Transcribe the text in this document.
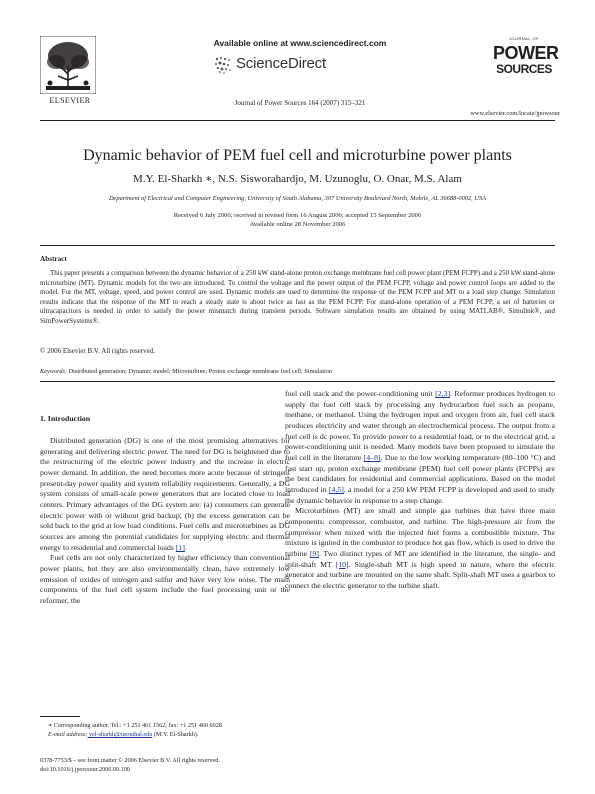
ELSEVIER
Available online at www.sciencedirect.com
ScienceDirect
Journal of Power Sources 164 (2007) 315–321
JOURNAL OF
POWER
SOURCES
www.elsevier.com/locate/jpowsour
Dynamic behavior of PEM fuel cell and microturbine power plants
M.Y. El-Sharkh ∗, N.S. Sisworahardjo, M. Uzunoglu, O. Onar, M.S. Alam
Department of Electrical and Computer Engineering, University of South Alabama, 307 University Boulevard North, Mobile, AL 36688-0002, USA
Received 6 July 2006; received in revised form 16 August 2006; accepted 15 September 2006
Available online 28 November 2006
Abstract
This paper presents a comparison between the dynamic behavior of a 250 kW stand-alone proton exchange membrane fuel cell power plant (PEM FCPP) and a 250 kW stand-alone microturbine (MT). Dynamic models for the two are introduced. To control the voltage and the power output of the PEM FCPP, voltage and power control loops are added to the model. For the MT, voltage, speed, and power control are used. Dynamic models are used to determine the response of the PEM FCPP and MT to a load step change. Simulation results indicate that the response of the MT to reach a steady state is about twice as fast as the PEM FCPP. For stand-alone operation of a PEM FCPP, a set of batteries or ultracapacitors is needed in order to satisfy the power mismatch during transient periods. Software simulation results are obtained by using MATLAB®, Simulink®, and SimPowerSystems®.
© 2006 Elsevier B.V. All rights reserved.
Keywords: Distributed generation; Dynamic model; Microturbine; Proton exchange membrane fuel cell; Simulation
1. Introduction

Distributed generation (DG) is one of the most promising alternatives for generating and delivering electric power. The need for DG is heightened due to the restructuring of the electric power industry and the increase in electric power demand. In addition, the need becomes more acute because of stringent present-day power quality and system reliability requirements. Generally, a DG system consists of small-scale power generators that are located close to load centers. Primary advantages of the DG system are: (a) consumers can generate electric power with or without grid backup; (b) the excess generation can be sold back to the grid at low load conditions. Fuel cells and microturbines as DG sources are among the potential candidates for supplying electric and thermal energy to residential and commercial loads [1].

Fuel cells are not only characterized by higher efficiency than conventional power plants, but they are also environmentally clean, have extremely low emission of oxides of nitrogen and sulfur and have very low noise. The main components of the fuel cell system include the fuel processing unit or the reformer, the

fuel cell stack and the power-conditioning unit [2,3]. Reformer produces hydrogen to supply the fuel cell stack by processing any hydrocarbon fuel such as propane, methane, or methanol. Using the hydrogen input and oxygen from air, fuel cell stack produces electricity and water through an electrochemical process. The output from a fuel cell is dc power. To provide power to a residential load, or to the electrical grid, a power-conditioning unit is needed. Many models have been proposed to simulate the fuel cell in the literature [4–8]. Due to the low working temperature (80–100 °C) and fast start up, proton exchange membrane (PEM) fuel cell power plants (FCPPs) are the best candidates for residential and commercial applications. Based on the model introduced in [4,5], a model for a 250 kW PEM FCPP is developed and used to study the dynamic behavior in response to a step change.

Microturbines (MT) are small and simple gas turbines that have three main components: compressor, combustor, and turbine. The high-pressure air from the compressor when mixed with the injected fuel forms a combustible mixture. The mixture is ignited in the combustor to produce hot gas flow, which is used to drive the turbine [9]. Two distinct types of MT are identified in the literature, the single- and split-shaft MT [10]. Single-shaft MT is high speed in nature, where the electric generator and turbine are mounted on the same shaft. Split-shaft MT uses a gearbox to connect the electric generator to the turbine shaft.

∗ Corresponding author. Tel.: +1 251 461 1562; fax: +1 251 460 6028.
E-mail address: yel-sharkh@usouthal.edu (M.Y. El-Sharkh).
0378-7753/$ – see front matter © 2006 Elsevier B.V. All rights reserved.
doi:10.1016/j.jpowsour.2006.09.100
